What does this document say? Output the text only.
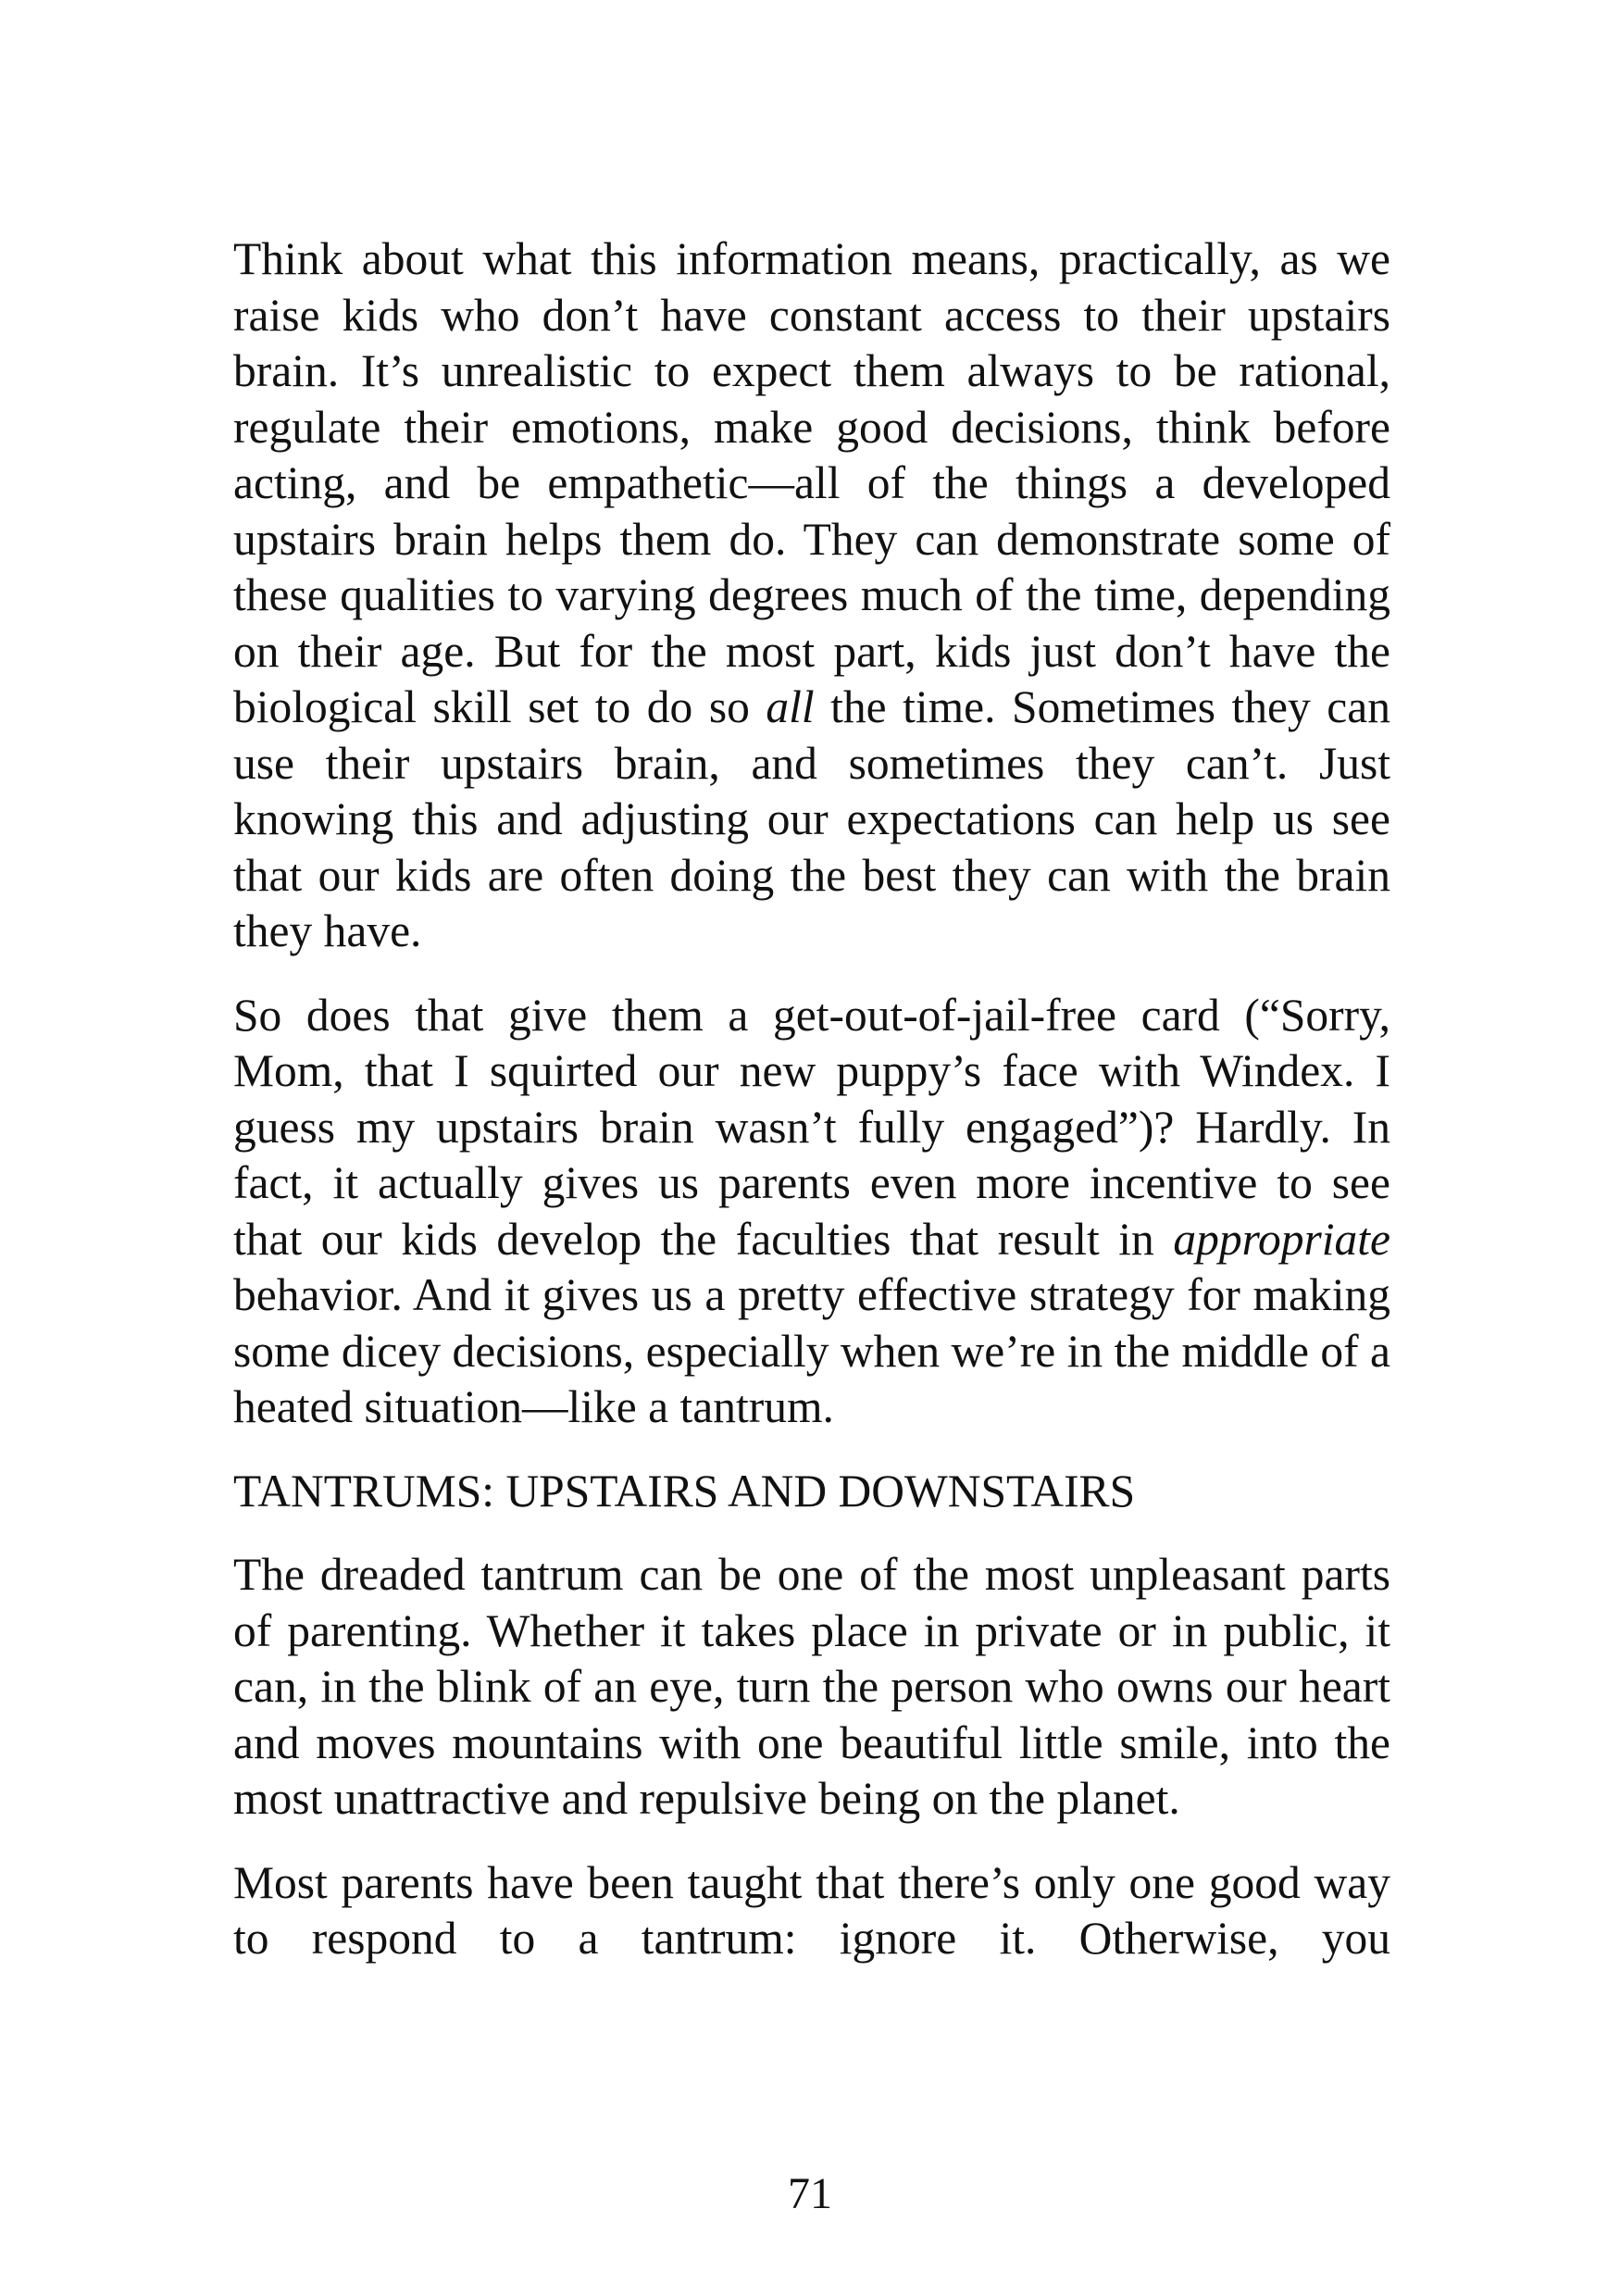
Think about what this information means, practically, as we raise kids who don’t have constant access to their upstairs brain. It’s unrealistic to expect them always to be rational, regulate their emotions, make good decisions, think before acting, and be empathetic—all of the things a developed upstairs brain helps them do. They can demonstrate some of these qualities to varying degrees much of the time, depending on their age. But for the most part, kids just don’t have the biological skill set to do so all the time. Sometimes they can use their upstairs brain, and sometimes they can’t. Just knowing this and adjusting our expectations can help us see that our kids are often doing the best they can with the brain they have.

So does that give them a get-out-of-jail-free card (“Sorry, Mom, that I squirted our new puppy’s face with Windex. I guess my upstairs brain wasn’t fully engaged”)? Hardly. In fact, it actually gives us parents even more incentive to see that our kids develop the faculties that result in appropriate behavior. And it gives us a pretty effective strategy for making some dicey decisions, especially when we’re in the middle of a heated situation—like a tantrum.

TANTRUMS: UPSTAIRS AND DOWNSTAIRS

The dreaded tantrum can be one of the most unpleasant parts of parenting. Whether it takes place in private or in public, it can, in the blink of an eye, turn the person who owns our heart and moves mountains with one beautiful little smile, into the most unattractive and repulsive being on the planet.

Most parents have been taught that there’s only one good way to respond to a tantrum: ignore it. Otherwise, you

71
